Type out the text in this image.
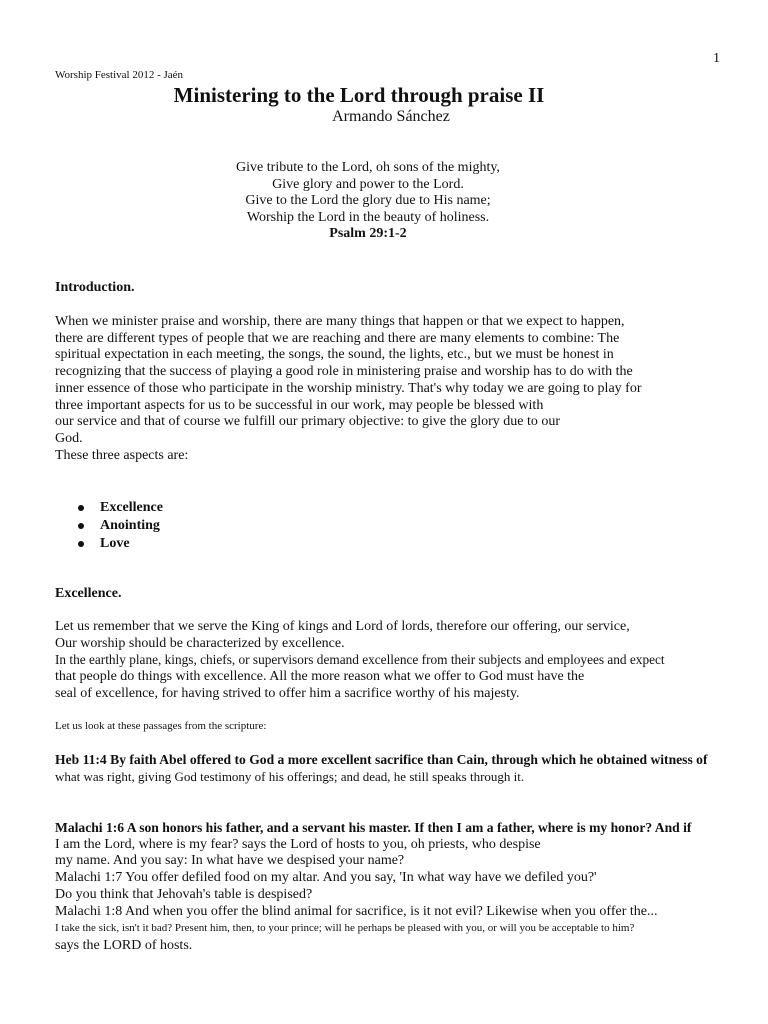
1
Worship Festival 2012 - Jaén
Ministering to the Lord through praise II
Armando Sánchez
Give tribute to the Lord, oh sons of the mighty,
Give glory and power to the Lord.
Give to the Lord the glory due to His name;
Worship the Lord in the beauty of holiness.
Psalm 29:1-2
Introduction.
When we minister praise and worship, there are many things that happen or that we expect to happen,
there are different types of people that we are reaching and there are many elements to combine: The
spiritual expectation in each meeting, the songs, the sound, the lights, etc., but we must be honest in
recognizing that the success of playing a good role in ministering praise and worship has to do with the
inner essence of those who participate in the worship ministry. That's why today we are going to play for
three important aspects for us to be successful in our work, may people be blessed with
our service and that of course we fulfill our primary objective: to give the glory due to our
God.
These three aspects are:
Excellence
Anointing
Love
Excellence.
Let us remember that we serve the King of kings and Lord of lords, therefore our offering, our service,
Our worship should be characterized by excellence.
In the earthly plane, kings, chiefs, or supervisors demand excellence from their subjects and employees and expect
that people do things with excellence. All the more reason what we offer to God must have the
seal of excellence, for having strived to offer him a sacrifice worthy of his majesty.
Let us look at these passages from the scripture:
Heb 11:4 By faith Abel offered to God a more excellent sacrifice than Cain, through which he obtained witness of
what was right, giving God testimony of his offerings; and dead, he still speaks through it.
Malachi 1:6 A son honors his father, and a servant his master. If then I am a father, where is my honor? And if
I am the Lord, where is my fear? says the Lord of hosts to you, oh priests, who despise
my name. And you say: In what have we despised your name?
Malachi 1:7 You offer defiled food on my altar. And you say, 'In what way have we defiled you?'
Do you think that Jehovah's table is despised?
Malachi 1:8 And when you offer the blind animal for sacrifice, is it not evil? Likewise when you offer the...
I take the sick, isn't it bad? Present him, then, to your prince; will he perhaps be pleased with you, or will you be acceptable to him?
says the LORD of hosts.
